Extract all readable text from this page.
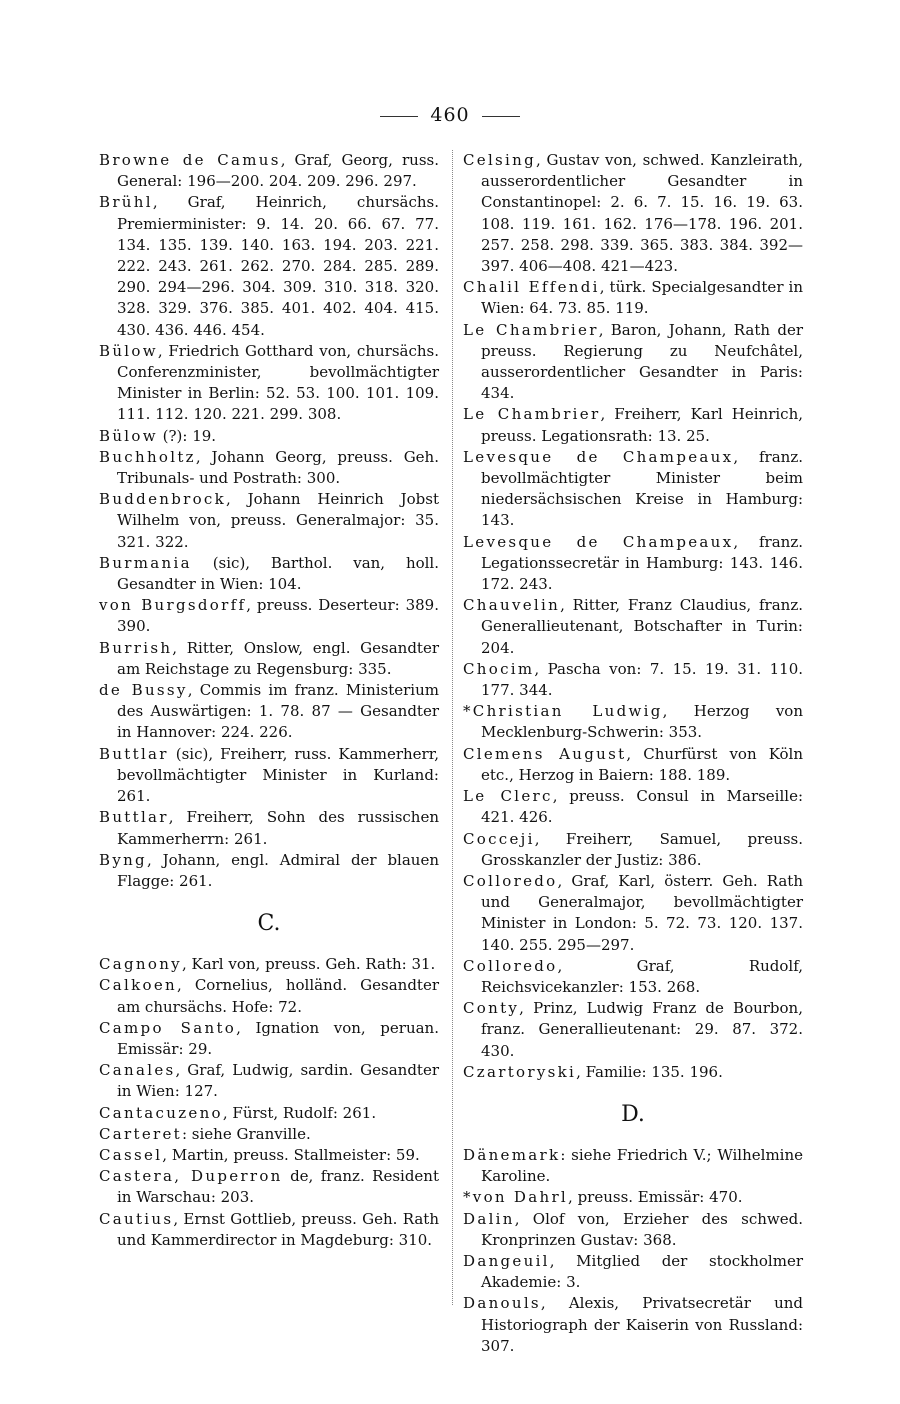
460

Browne de Camus, Graf, Georg, russ. General: 196—200. 204. 209. 296. 297.

Brühl, Graf, Heinrich, chursächs. Premierminister: 9. 14. 20. 66. 67. 77. 134. 135. 139. 140. 163. 194. 203. 221. 222. 243. 261. 262. 270. 284. 285. 289. 290. 294—296. 304. 309. 310. 318. 320. 328. 329. 376. 385. 401. 402. 404. 415. 430. 436. 446. 454.

Bülow, Friedrich Gotthard von, chursächs. Conferenzminister, bevollmächtigter Minister in Berlin: 52. 53. 100. 101. 109. 111. 112. 120. 221. 299. 308.

Bülow (?): 19.

Buchholtz, Johann Georg, preuss. Geh. Tribunals- und Postrath: 300.

Buddenbrock, Johann Heinrich Jobst Wilhelm von, preuss. Generalmajor: 35. 321. 322.

Burmania (sic), Barthol. van, holl. Gesandter in Wien: 104.

von Burgsdorff, preuss. Deserteur: 389. 390.

Burrish, Ritter, Onslow, engl. Gesandter am Reichstage zu Regensburg: 335.

de Bussy, Commis im franz. Ministerium des Auswärtigen: 1. 78. 87 — Gesandter in Hannover: 224. 226.

Buttlar (sic), Freiherr, russ. Kammerherr, bevollmächtigter Minister in Kurland: 261.

Buttlar, Freiherr, Sohn des russischen Kammerherrn: 261.

Byng, Johann, engl. Admiral der blauen Flagge: 261.

C.

Cagnony, Karl von, preuss. Geh. Rath: 31.

Calkoen, Cornelius, holländ. Gesandter am chursächs. Hofe: 72.

Campo Santo, Ignation von, peruan. Emissär: 29.

Canales, Graf, Ludwig, sardin. Gesandter in Wien: 127.

Cantacuzeno, Fürst, Rudolf: 261.

Carteret: siehe Granville.

Cassel, Martin, preuss. Stallmeister: 59.

Castera, Duperron de, franz. Resident in Warschau: 203.

Cautius, Ernst Gottlieb, preuss. Geh. Rath und Kammerdirector in Magdeburg: 310.

Celsing, Gustav von, schwed. Kanzleirath, ausserordentlicher Gesandter in Constantinopel: 2. 6. 7. 15. 16. 19. 63. 108. 119. 161. 162. 176—178. 196. 201. 257. 258. 298. 339. 365. 383. 384. 392—397. 406—408. 421—423.

Chalil Effendi, türk. Specialgesandter in Wien: 64. 73. 85. 119.

Le Chambrier, Baron, Johann, Rath der preuss. Regierung zu Neufchâtel, ausserordentlicher Gesandter in Paris: 434.

Le Chambrier, Freiherr, Karl Heinrich, preuss. Legationsrath: 13. 25.

Levesque de Champeaux, franz. bevollmächtigter Minister beim niedersächsischen Kreise in Hamburg: 143.

Levesque de Champeaux, franz. Legationssecretär in Hamburg: 143. 146. 172. 243.

Chauvelin, Ritter, Franz Claudius, franz. Generallieutenant, Botschafter in Turin: 204.

Chocim, Pascha von: 7. 15. 19. 31. 110. 177. 344.

*Christian Ludwig, Herzog von Mecklenburg-Schwerin: 353.

Clemens August, Churfürst von Köln etc., Herzog in Baiern: 188. 189.

Le Clerc, preuss. Consul in Marseille: 421. 426.

Cocceji, Freiherr, Samuel, preuss. Grosskanzler der Justiz: 386.

Colloredo, Graf, Karl, österr. Geh. Rath und Generalmajor, bevollmächtigter Minister in London: 5. 72. 73. 120. 137. 140. 255. 295—297.

Colloredo, Graf, Rudolf, Reichsvicekanzler: 153. 268.

Conty, Prinz, Ludwig Franz de Bourbon, franz. Generallieutenant: 29. 87. 372. 430.

Czartoryski, Familie: 135. 196.

D.

Dänemark: siehe Friedrich V.; Wilhelmine Karoline.

*von Dahrl, preuss. Emissär: 470.

Dalin, Olof von, Erzieher des schwed. Kronprinzen Gustav: 368.

Dangeuil, Mitglied der stockholmer Akademie: 3.

Danouls, Alexis, Privatsecretär und Historiograph der Kaiserin von Russland: 307.
